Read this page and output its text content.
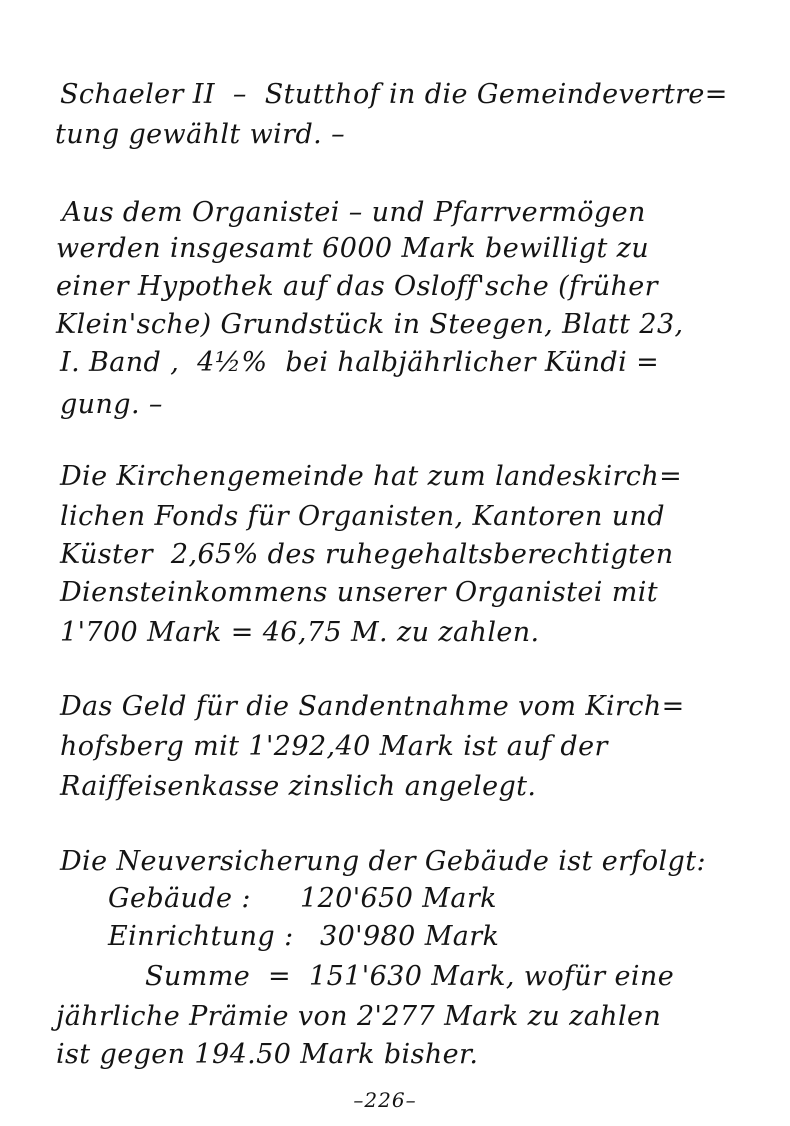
Schaeler II  –  Stutthof in die Gemeindevertre=
tung gewählt wird. –
Aus dem Organistei – und Pfarrvermögen
werden insgesamt 6000 Mark bewilligt zu
einer Hypothek auf das Osloff'sche (früher
Klein'sche) Grundstück in Steegen, Blatt 23,
I. Band ,  4½%  bei halbjährlicher Kündi =
gung. –
Die Kirchengemeinde hat zum landeskirch=
lichen Fonds für Organisten, Kantoren und
Küster  2,65% des ruhegehaltsberechtigten
Diensteinkommens unserer Organistei mit
1'700 Mark = 46,75 M. zu zahlen.
Das Geld für die Sandentnahme vom Kirch=
hofsberg mit 1'292,40 Mark ist auf der
Raiffeisenkasse zinslich angelegt.
Die Neuversicherung der Gebäude ist erfolgt:
Gebäude : 120'650 Mark
Einrichtung : 30'980 Mark
Summe  =  151'630 Mark, wofür eine
jährliche Prämie von 2'277 Mark zu zahlen
ist gegen 194.50 Mark bisher.
–226–
